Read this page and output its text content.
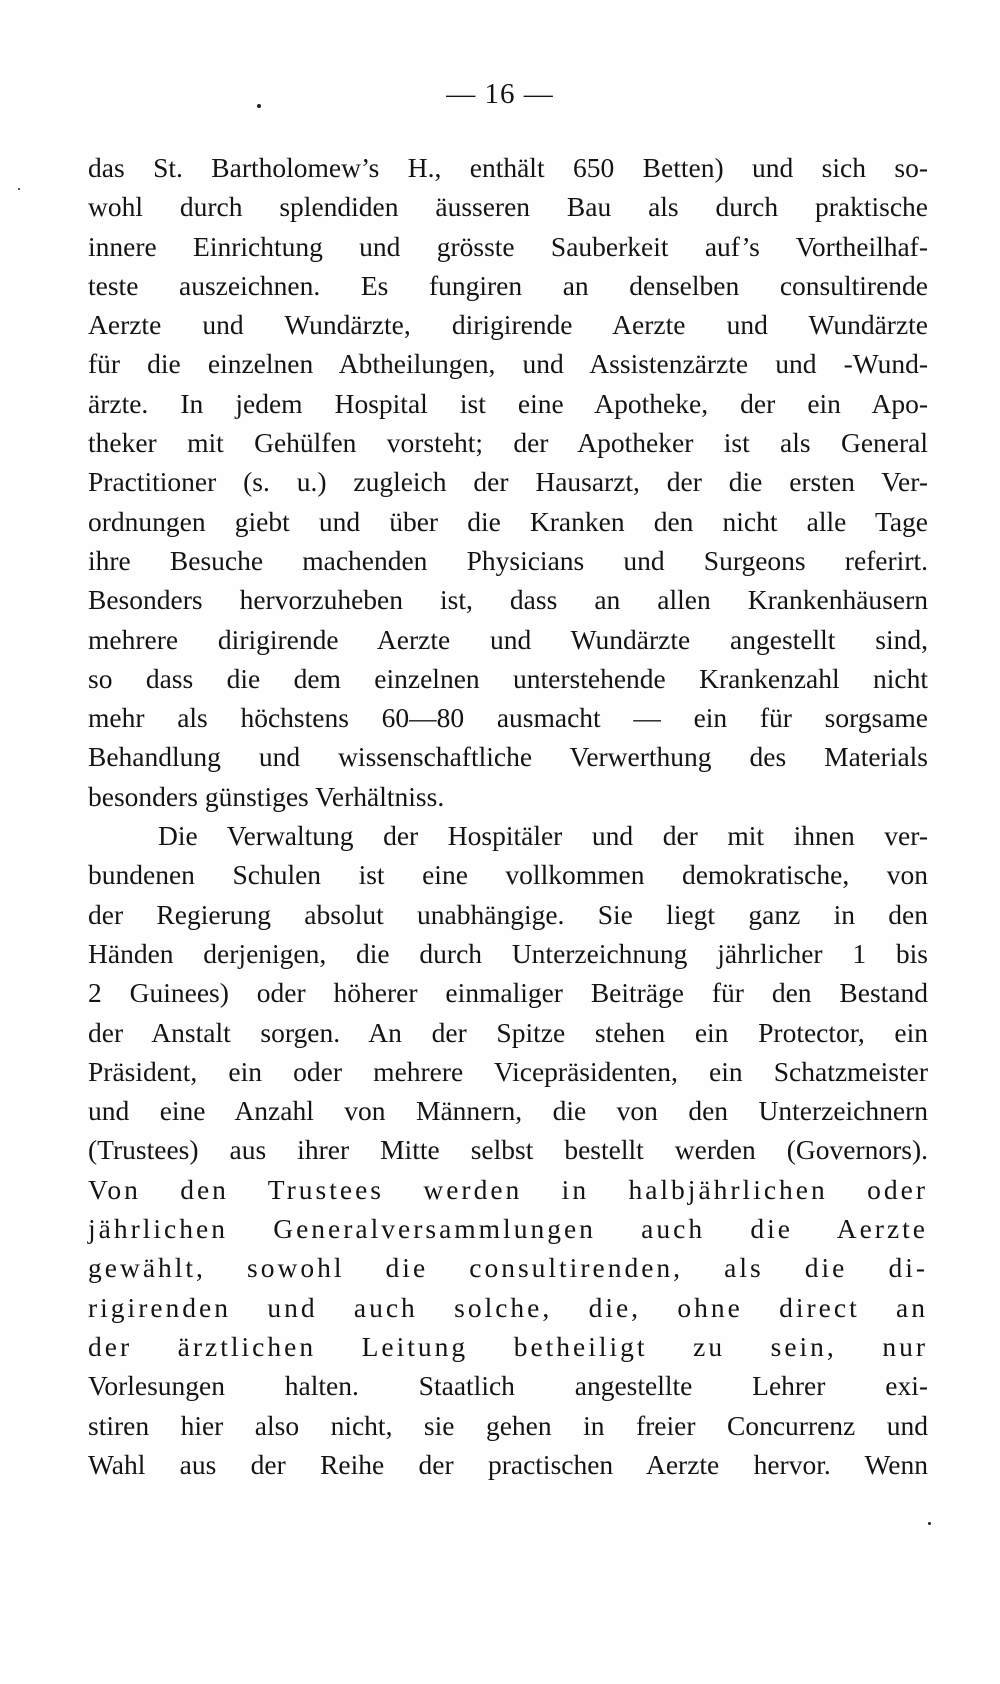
— 16 —
das St. Bartholomew’s H., enthält 650 Betten) und sich so-
wohl durch splendiden äusseren Bau als durch praktische
innere Einrichtung und grösste Sauberkeit auf’s Vortheilhaf-
teste auszeichnen. Es fungiren an denselben consultirende
Aerzte und Wundärzte, dirigirende Aerzte und Wundärzte
für die einzelnen Abtheilungen, und Assistenzärzte und -Wund-
ärzte. In jedem Hospital ist eine Apotheke, der ein Apo-
theker mit Gehülfen vorsteht; der Apotheker ist als General
Practitioner (s. u.) zugleich der Hausarzt, der die ersten Ver-
ordnungen giebt und über die Kranken den nicht alle Tage
ihre Besuche machenden Physicians und Surgeons referirt.
Besonders hervorzuheben ist, dass an allen Krankenhäusern
mehrere dirigirende Aerzte und Wundärzte angestellt sind,
so dass die dem einzelnen unterstehende Krankenzahl nicht
mehr als höchstens 60—80 ausmacht — ein für sorgsame
Behandlung und wissenschaftliche Verwerthung des Materials
besonders günstiges Verhältniss.
Die Verwaltung der Hospitäler und der mit ihnen ver-
bundenen Schulen ist eine vollkommen demokratische, von
der Regierung absolut unabhängige. Sie liegt ganz in den
Händen derjenigen, die durch Unterzeichnung jährlicher 1 bis
2 Guinees) oder höherer einmaliger Beiträge für den Bestand
der Anstalt sorgen. An der Spitze stehen ein Protector, ein
Präsident, ein oder mehrere Vicepräsidenten, ein Schatzmeister
und eine Anzahl von Männern, die von den Unterzeichnern
(Trustees) aus ihrer Mitte selbst bestellt werden (Governors).
Von den Trustees werden in halbjährlichen oder
jährlichen Generalversammlungen auch die Aerzte
gewählt, sowohl die consultirenden, als die di-
rigirenden und auch solche, die, ohne direct an
der ärztlichen Leitung betheiligt zu sein, nur
Vorlesungen halten. Staatlich angestellte Lehrer exi-
stiren hier also nicht, sie gehen in freier Concurrenz und
Wahl aus der Reihe der practischen Aerzte hervor. Wenn
